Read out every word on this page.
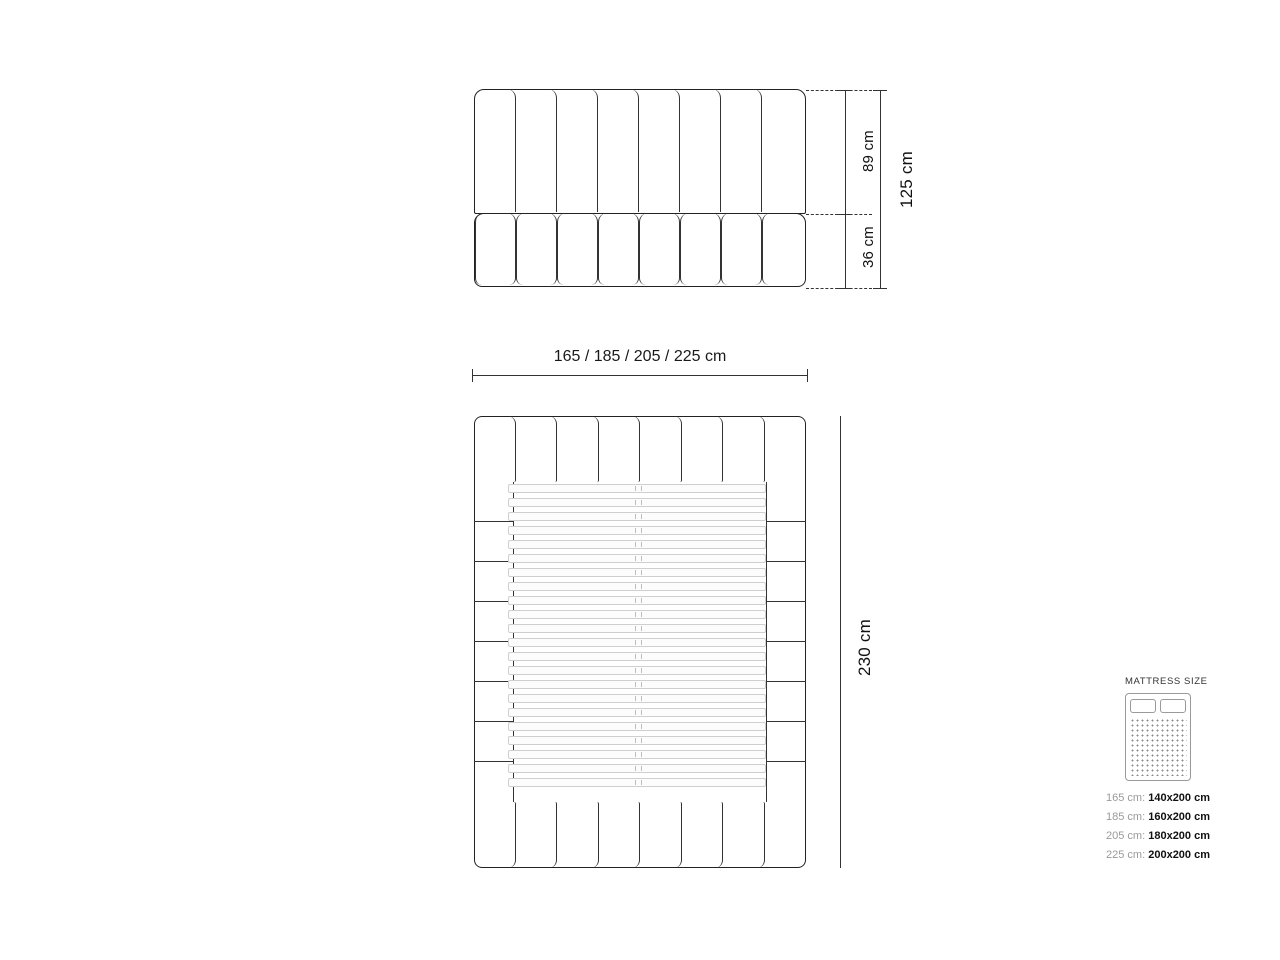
89 cm
36 cm
125 cm
165 / 185 / 205 / 225 cm
230 cm
MATTRESS SIZE
165 cm: 140x200 cm
185 cm: 160x200 cm
205 cm: 180x200 cm
225 cm: 200x200 cm
